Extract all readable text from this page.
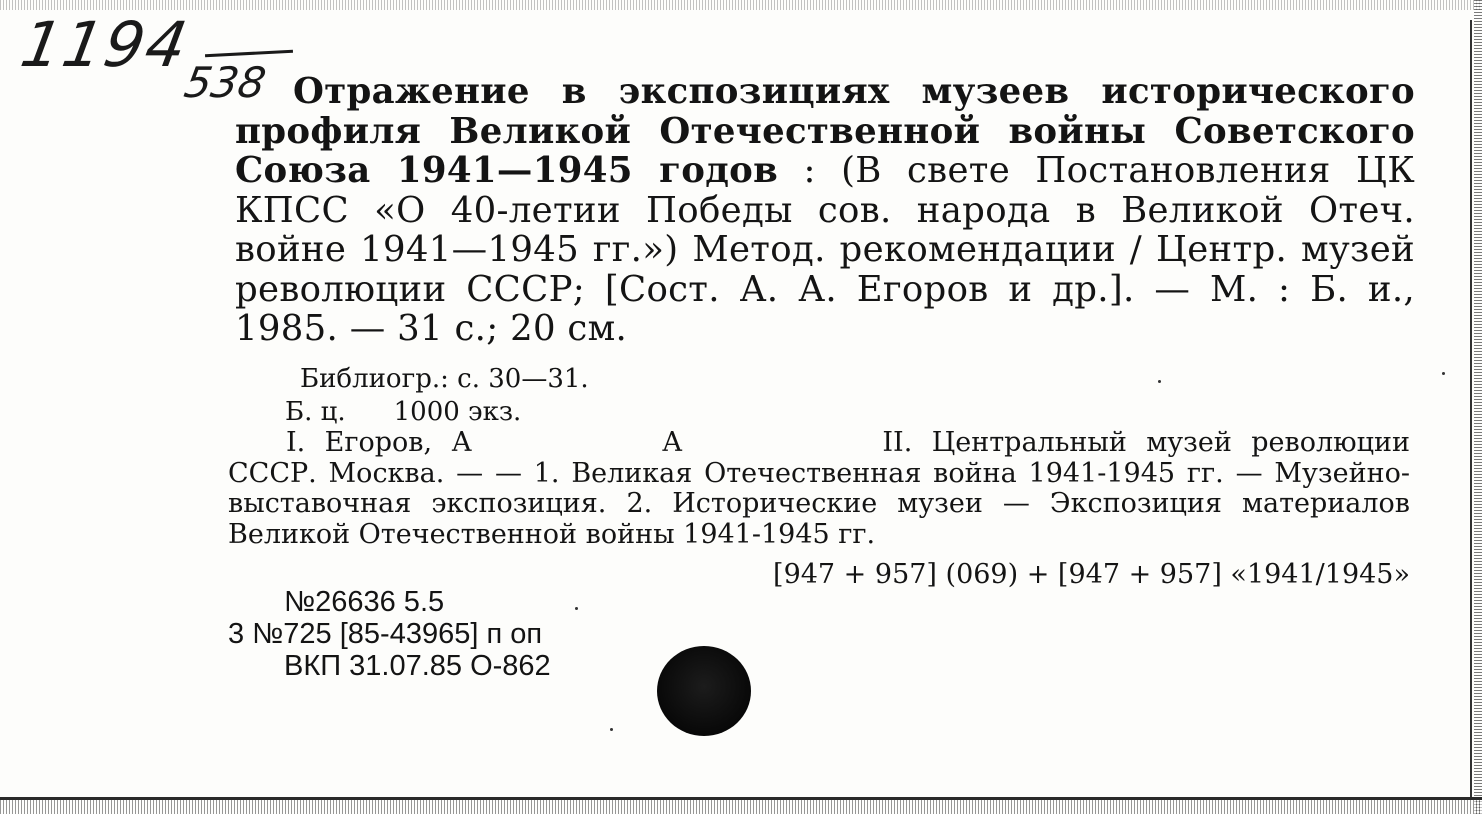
1194
538 Отражение в экспозициях музеев исторического профиля Великой Отечественной войны Советского Союза 1941—1945 годов : (В свете Постановления ЦК КПСС «О 40-летии Победы сов. народа в Великой Отеч. войне 1941—1945 гг.») Метод. рекомендации / Центр. музей революции СССР; [Сост. А. А. Егоров и др.]. — М. : Б. и., 1985. — 31 с.; 20 см.
Библиогр.: с. 30—31.
Б. ц. 1000 экз.
I. Егоров, А	А	II. Центральный музей революции СССР. Москва. — — 1. Великая Отечественная война 1941-1945 гг. — Музейно-выставочная экспозиция. 2. Исторические музеи — Экспозиция материалов Великой Отечественной войны 1941-1945 гг.
[947 + 957] (069) + [947 + 957] «1941/1945»
№26636 5.5
3 №725 [85-43965] п оп
ВКП 31.07.85 О-862
